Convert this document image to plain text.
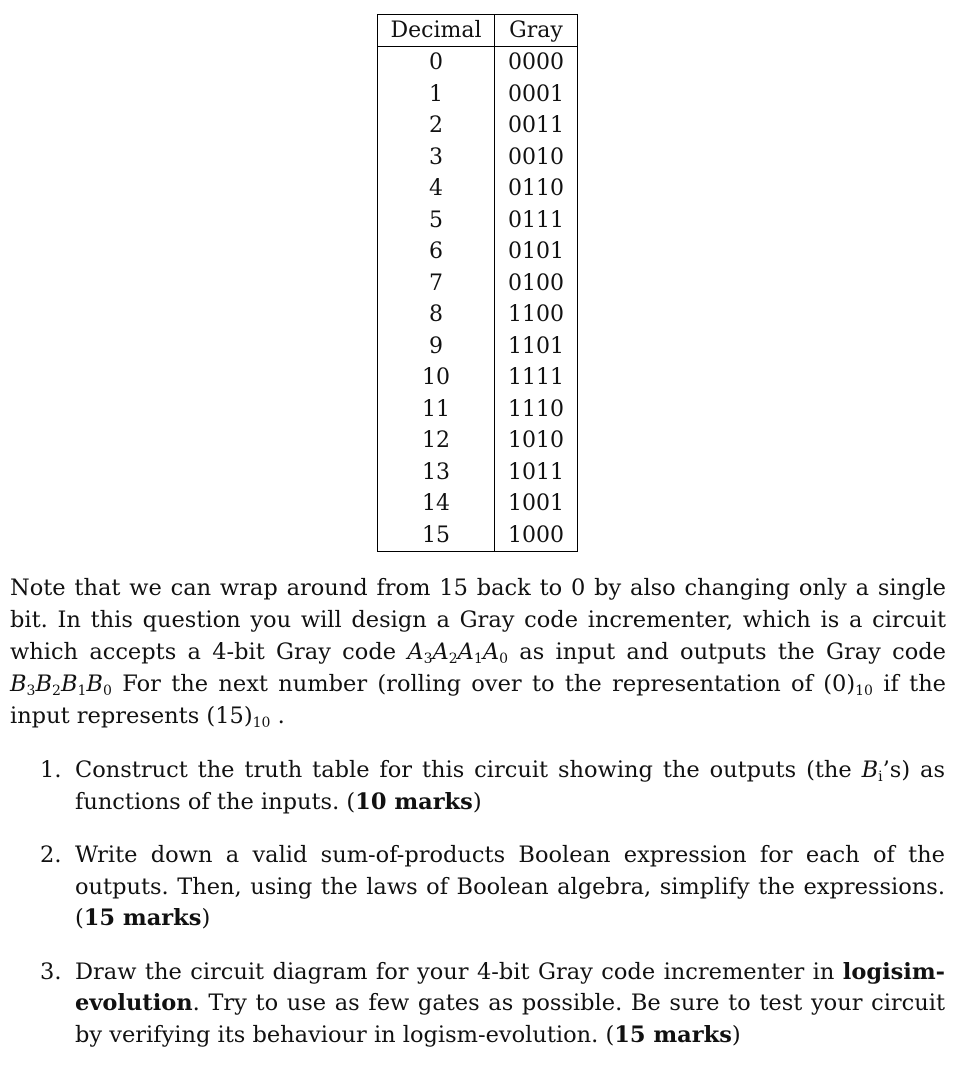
Decimal	Gray
0	0000
1	0001
2	0011
3	0010
4	0110
5	0111
6	0101
7	0100
8	1100
9	1101
10	1111
11	1110
12	1010
13	1011
14	1001
15	1000
Note that we can wrap around from 15 back to 0 by also changing only a single bit. In this question you will design a Gray code incrementer, which is a circuit which accepts a 4-bit Gray code $A_3A_2A_1A_0$ as input and outputs the Gray code $B_3B_2B_1B_0$ For the next number (rolling over to the representation of $(0)_{10}$ if the input represents $(15)_{10}$ .
1. Construct the truth table for this circuit showing the outputs (the $B_i’s$) as functions of the inputs. (10 marks)
2. Write down a valid sum-of-products Boolean expression for each of the outputs. Then, using the laws of Boolean algebra, simplify the expressions. (15 marks)
3. Draw the circuit diagram for your 4-bit Gray code incrementer in logisim-evolution. Try to use as few gates as possible. Be sure to test your circuit by verifying its behaviour in logism-evolution. (15 marks)
